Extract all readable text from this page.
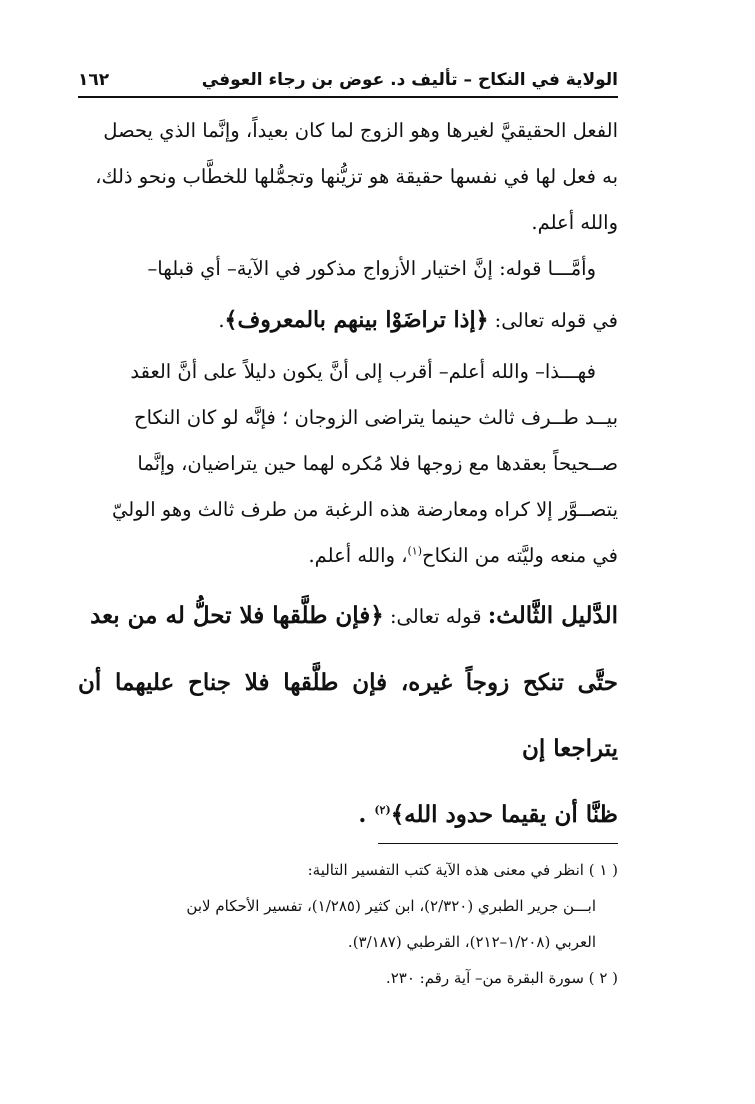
الولاية في النكاح – تأليف د. عوض بن رجاء العوفي
١٦٢

الفعل الحقيقيَّ لغيرها وهو الزوج لما كان بعيداً، وإنَّما الذي يحصل

به فعل لها في نفسها حقيقة هو تزيُّنها وتجمُّلها للخطَّاب ونحو ذلك،

والله أعلم.

وأمَّـــا قوله: إنَّ اختيار الأزواج مذكور في الآية– أي قبلها–

في قوله تعالى: ﴿إذا تراضَوْا بينهم بالمعروف﴾.

فهـــذا– والله أعلم– أقرب إلى أنَّ يكون دليلاً على أنَّ العقد

بيــد طــرف ثالث حينما يتراضى الزوجان ؛ فإنَّه لو كان النكاح

صــحيحاً بعقدها مع زوجها فلا مُكره لهما حين يتراضيان، وإنَّما

يتصــوَّر إلا كراه ومعارضة هذه الرغبة من طرف ثالث وهو الوليّ

في منعه وليَّته من النكاح$^{(١)}$، والله أعلم.

الدَّليل الثَّالث: قوله تعالى: ﴿فإن طلَّقها فلا تحلُّ له من بعد

حتَّى تنكح زوجاً غيره، فإن طلَّقها فلا جناح عليهما أن يتراجعا إن

ظنَّا أن يقيما حدود الله﴾$^{(٢)}$ .

( ١ ) انظر في معنى هذه الآية كتب التفسير التالية:

ابـــن جرير الطبري (٢/٣٢٠)، ابن كثير (١/٢٨٥)، تفسير الأحكام لابن

العربي (١/٢٠٨–٢١٢)، القرطبي (٣/١٨٧).

( ٢ ) سورة البقرة من– آية رقم: ٢٣٠.
